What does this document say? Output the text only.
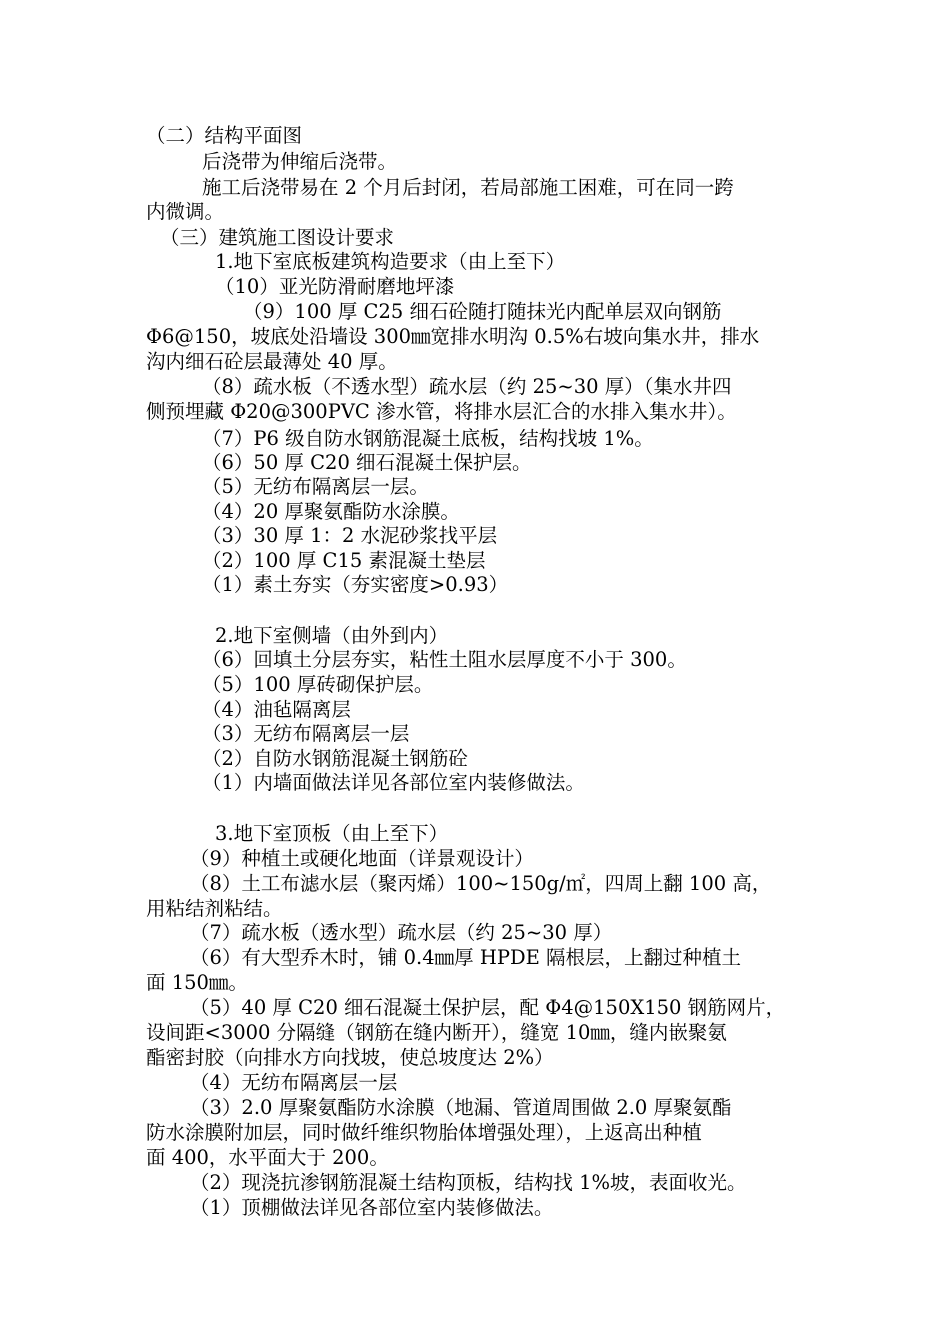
（二）结构平面图

后浇带为伸缩后浇带。

施工后浇带易在 2 个月后封闭，若局部施工困难，可在同一跨

内微调。

（三）建筑施工图设计要求

1.地下室底板建筑构造要求（由上至下）

（10）亚光防滑耐磨地坪漆

（9）100 厚 C25 细石砼随打随抹光内配单层双向钢筋

Φ6@150，坡底处沿墙设 300㎜宽排水明沟 0.5%右坡向集水井，排水

沟内细石砼层最薄处 40 厚。

（8）疏水板（不透水型）疏水层（约 25~30 厚）（集水井四

侧预埋藏 Φ20@300PVC 渗水管，将排水层汇合的水排入集水井）。

（7）P6 级自防水钢筋混凝土底板，结构找坡 1%。

（6）50 厚 C20 细石混凝土保护层。

（5）无纺布隔离层一层。

（4）20 厚聚氨酯防水涂膜。

（3）30 厚 1：2 水泥砂浆找平层

（2）100 厚 C15 素混凝土垫层

（1）素土夯实（夯实密度>0.93）

2.地下室侧墙（由外到内）

（6）回填土分层夯实，粘性土阻水层厚度不小于 300。

（5）100 厚砖砌保护层。

（4）油毡隔离层

（3）无纺布隔离层一层

（2）自防水钢筋混凝土钢筋砼

（1）内墙面做法详见各部位室内装修做法。

3.地下室顶板（由上至下）

（9）种植土或硬化地面（详景观设计）

（8）土工布滤水层（聚丙烯）100~150g/㎡，四周上翻 100 高，

用粘结剂粘结。

（7）疏水板（透水型）疏水层（约 25~30 厚）

（6）有大型乔木时，铺 0.4㎜厚 HPDE 隔根层，上翻过种植土

面 150㎜。

（5）40 厚 C20 细石混凝土保护层，配 Φ4@150X150 钢筋网片，

设间距<3000 分隔缝（钢筋在缝内断开），缝宽 10㎜，缝内嵌聚氨

酯密封胶（向排水方向找坡，使总坡度达 2%）

（4）无纺布隔离层一层

（3）2.0 厚聚氨酯防水涂膜（地漏、管道周围做 2.0 厚聚氨酯

防水涂膜附加层，同时做纤维织物胎体增强处理），上返高出种植

面 400，水平面大于 200。

（2）现浇抗渗钢筋混凝土结构顶板，结构找 1%坡，表面收光。

（1）顶棚做法详见各部位室内装修做法。
